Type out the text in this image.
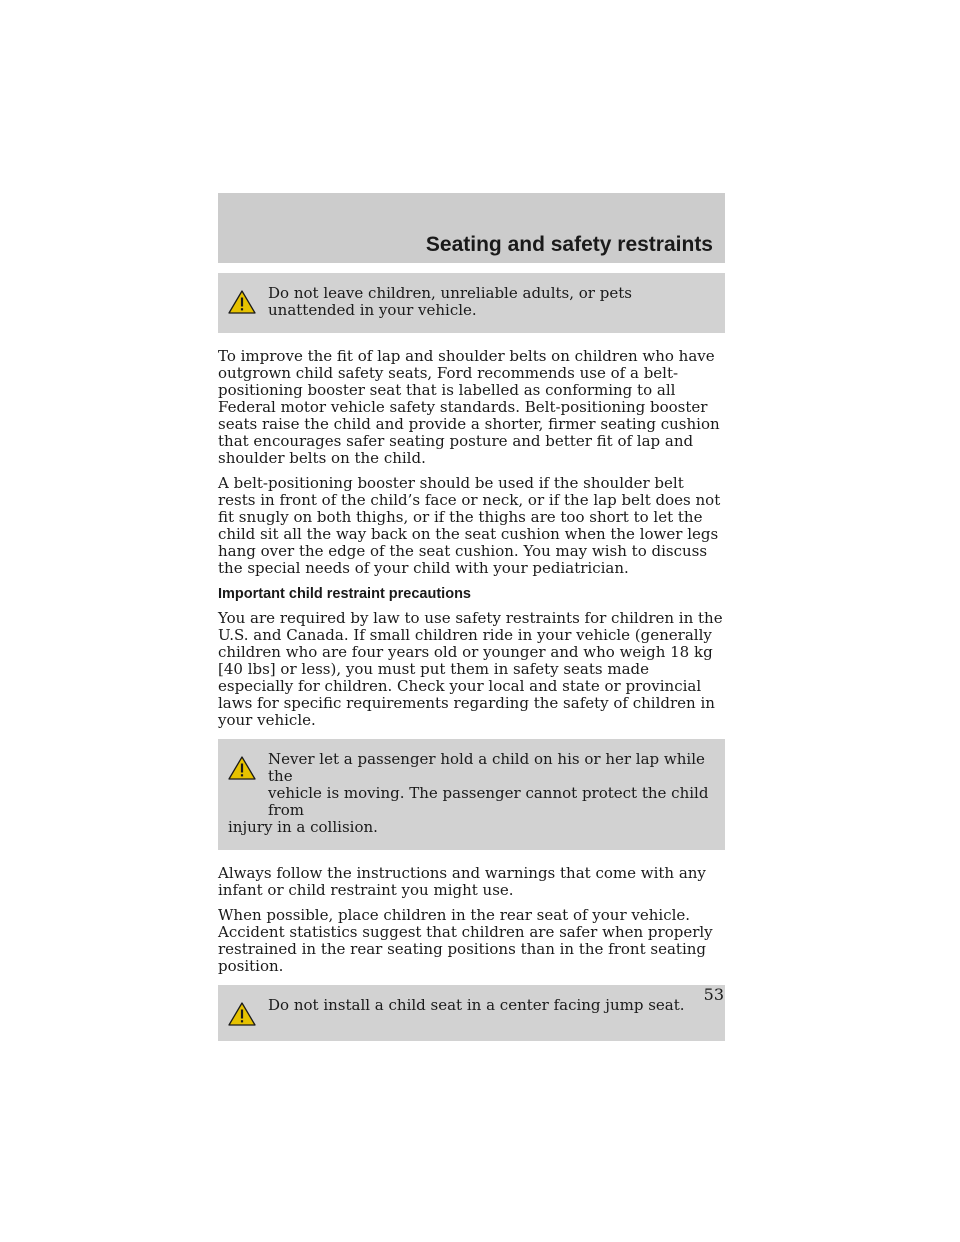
Seating and safety restraints
Do not leave children, unreliable adults, or pets unattended in your vehicle.

To improve the fit of lap and shoulder belts on children who have outgrown child safety seats, Ford recommends use of a belt-positioning booster seat that is labelled as conforming to all Federal motor vehicle safety standards. Belt-positioning booster seats raise the child and provide a shorter, firmer seating cushion that encourages safer seating posture and better fit of lap and shoulder belts on the child.

A belt-positioning booster should be used if the shoulder belt rests in front of the child’s face or neck, or if the lap belt does not fit snugly on both thighs, or if the thighs are too short to let the child sit all the way back on the seat cushion when the lower legs hang over the edge of the seat cushion. You may wish to discuss the special needs of your child with your pediatrician.

Important child restraint precautions

You are required by law to use safety restraints for children in the U.S. and Canada. If small children ride in your vehicle (generally children who are four years old or younger and who weigh 18 kg [40 lbs] or less), you must put them in safety seats made especially for children. Check your local and state or provincial laws for specific requirements regarding the safety of children in your vehicle.

Never let a passenger hold a child on his or her lap while the
vehicle is moving. The passenger cannot protect the child from
injury in a collision.

Always follow the instructions and warnings that come with any infant or child restraint you might use.

When possible, place children in the rear seat of your vehicle. Accident statistics suggest that children are safer when properly restrained in the rear seating positions than in the front seating position.

Do not install a child seat in a center facing jump seat.
53
